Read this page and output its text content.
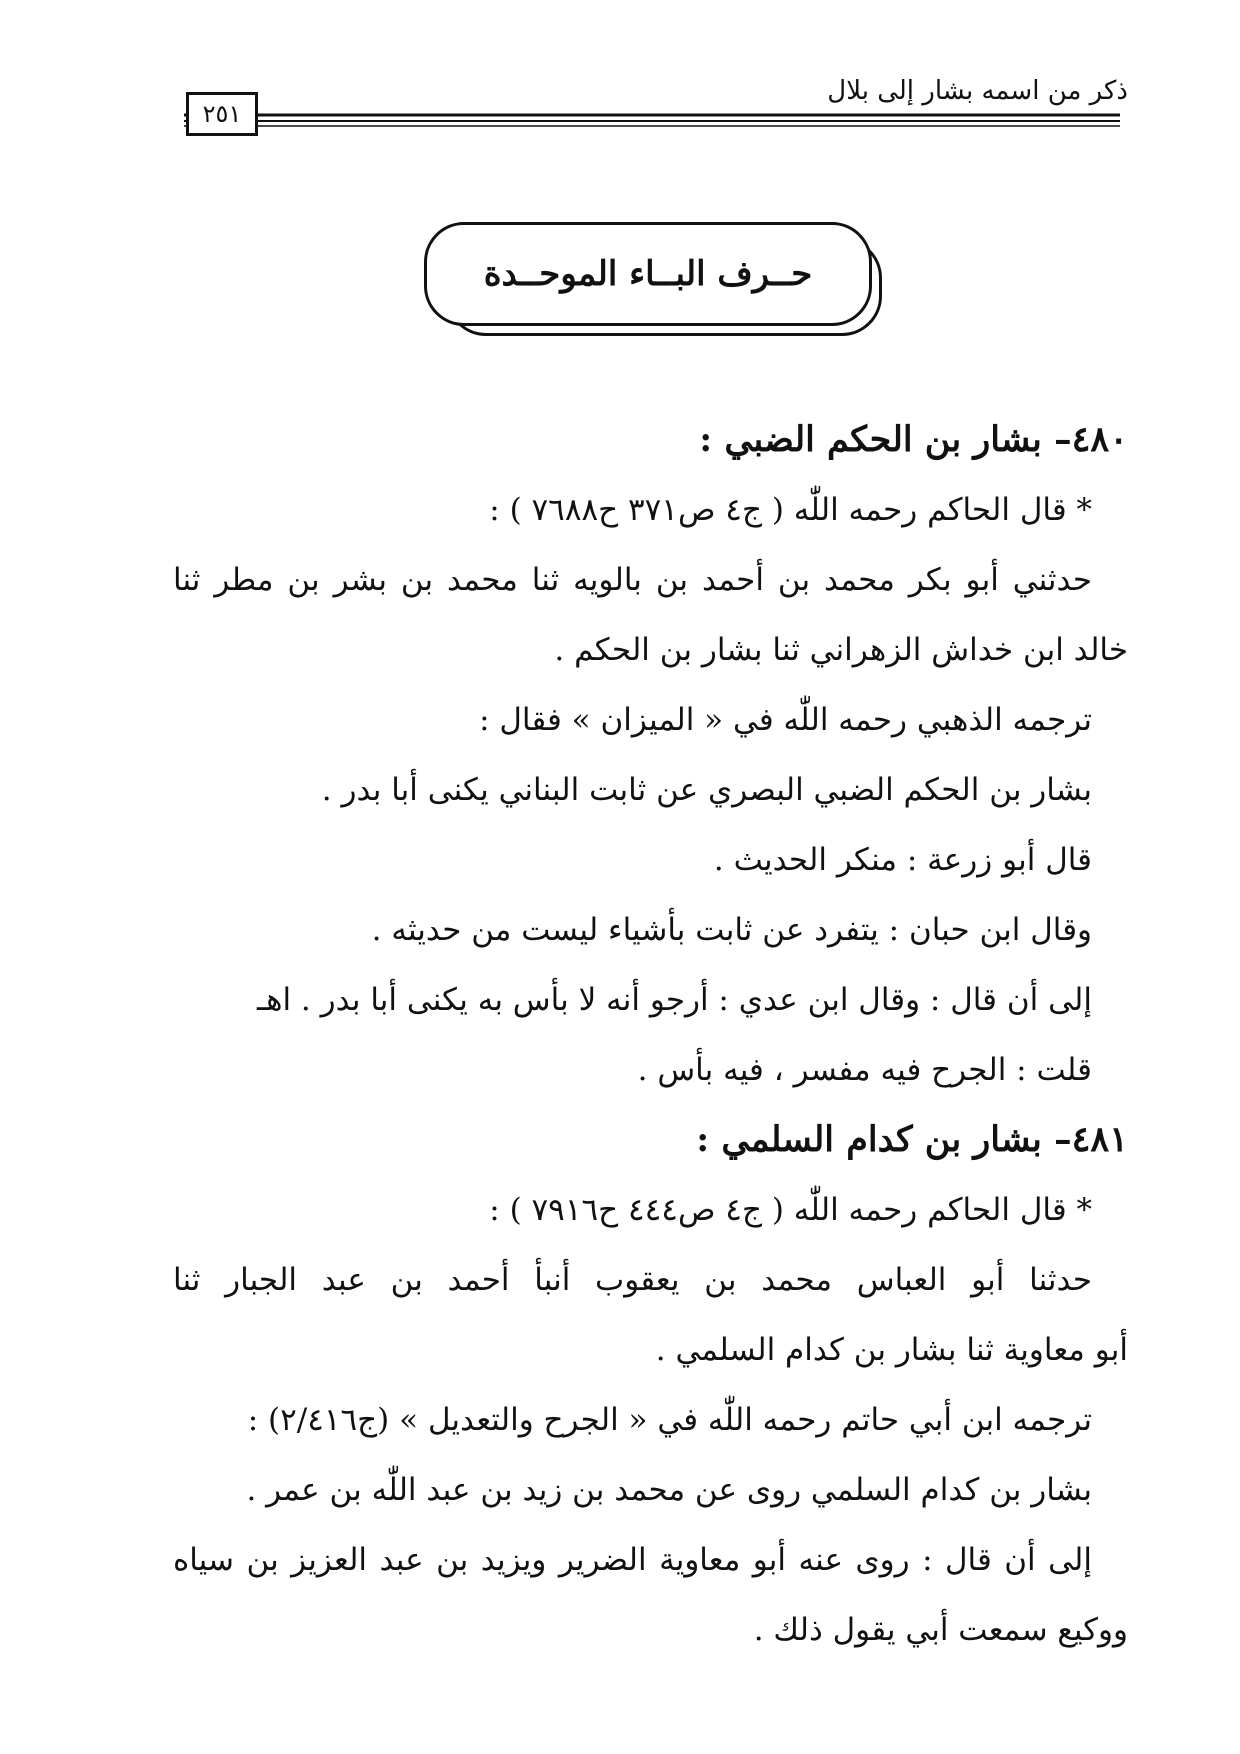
ذكر من اسمه بشار إلى بلال
٢٥١
حــرف البــاء الموحــدة
٤٨٠– بشار بن الحكم الضبي :
* قال الحاكم رحمه اللّٰه ( ج٤ ص٣٧١ ح٧٦٨٨ ) :
حدثني أبو بكر محمد بن أحمد بن بالويه ثنا محمد بن بشر بن مطر ثنا
خالد ابن خداش الزهراني ثنا بشار بن الحكم .
ترجمه الذهبي رحمه اللّٰه في « الميزان » فقال :
بشار بن الحكم الضبي البصري عن ثابت البناني يكنى أبا بدر .
قال أبو زرعة : منكر الحديث .
وقال ابن حبان : يتفرد عن ثابت بأشياء ليست من حديثه .
إلى أن قال : وقال ابن عدي : أرجو أنه لا بأس به يكنى أبا بدر . اهـ
قلت : الجرح فيه مفسر ، فيه بأس .
٤٨١– بشار بن كدام السلمي :
* قال الحاكم رحمه اللّٰه ( ج٤ ص٤٤٤ ح٧٩١٦ ) :
حدثنا أبو العباس محمد بن يعقوب أنبأ أحمد بن عبد الجبار ثنا
أبو معاوية ثنا بشار بن كدام السلمي .
ترجمه ابن أبي حاتم رحمه اللّٰه في « الجرح والتعديل » (ج٢/٤١٦) :
بشار بن كدام السلمي روى عن محمد بن زيد بن عبد اللّٰه بن عمر .
إلى أن قال : روى عنه أبو معاوية الضرير ويزيد بن عبد العزيز بن سياه
ووكيع سمعت أبي يقول ذلك .
